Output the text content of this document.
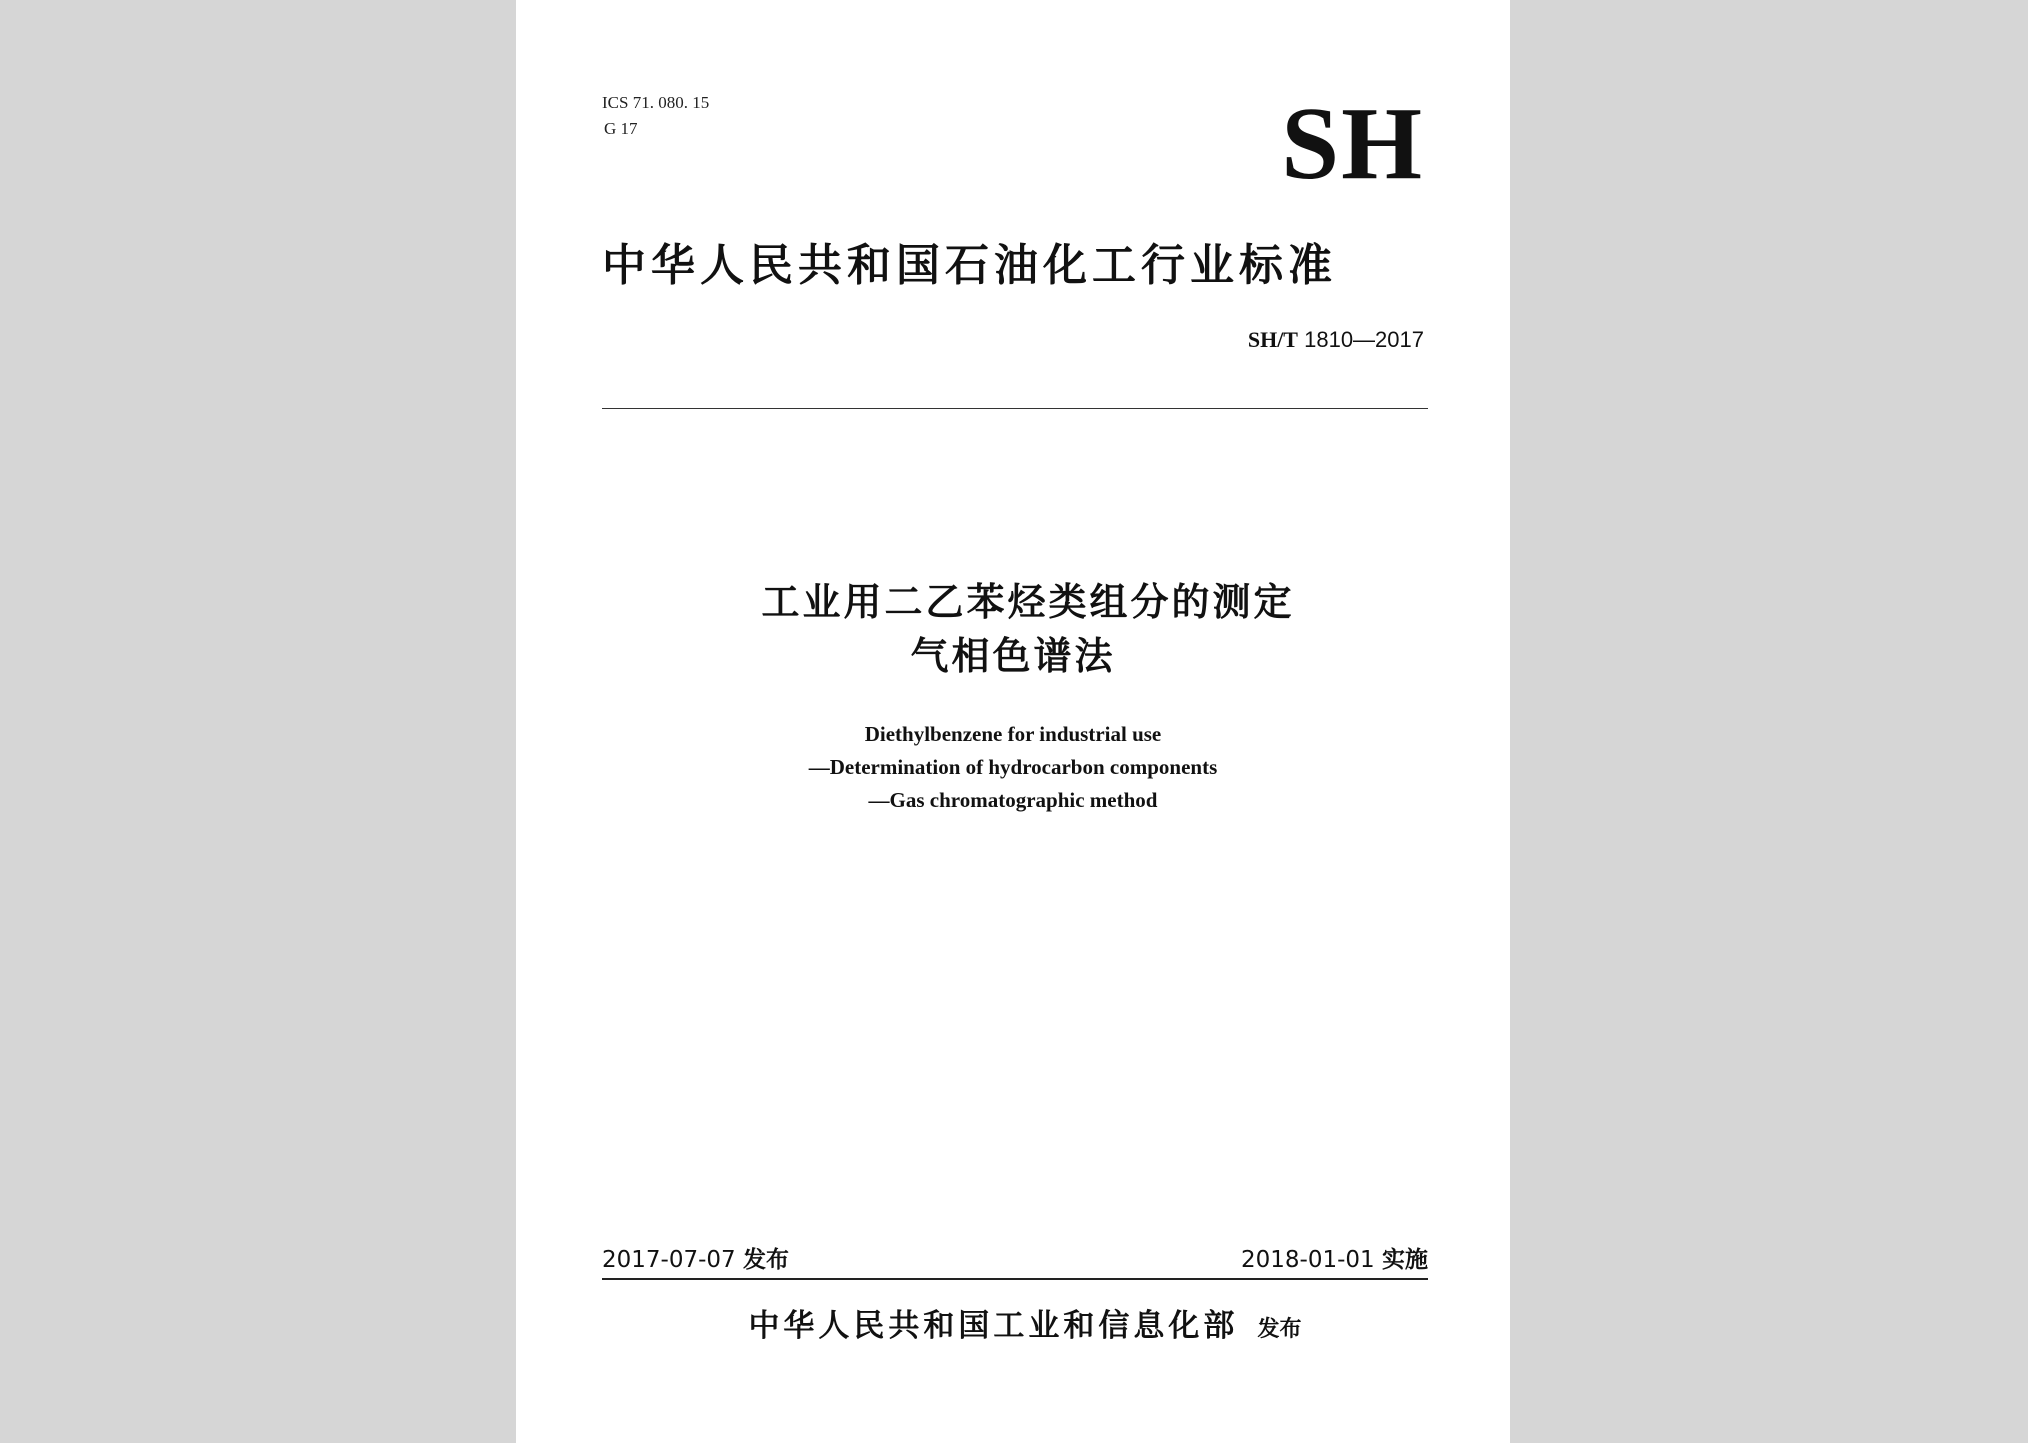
ICS 71. 080. 15
G 17	SH
中华人民共和国石油化工行业标准
SH/T 1810—2017
工业用二乙苯烃类组分的测定
气相色谱法
Diethylbenzene for industrial use
—Determination of hydrocarbon components
—Gas chromatographic method
2017-07-07 发布	2018-01-01 实施
中华人民共和国工业和信息化部 发布
